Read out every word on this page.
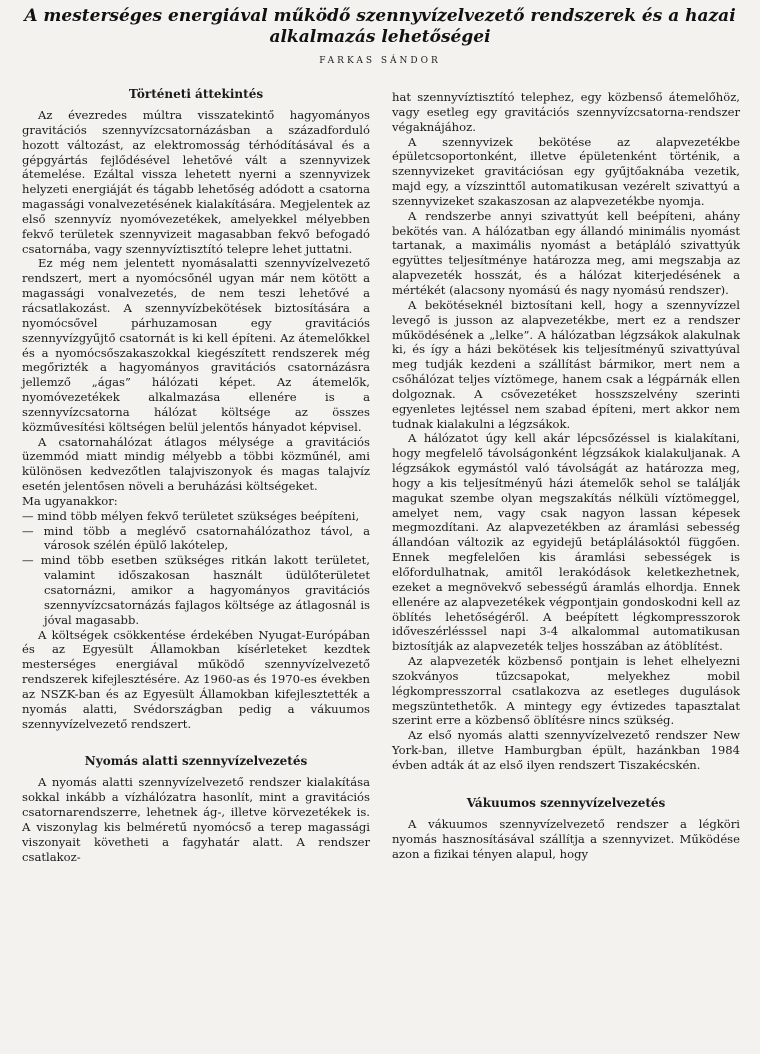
A mesterséges energiával működő szennyvízelvezető rendszerek és a hazai alkalmazás lehetőségei
FARKAS SÁNDOR
Történeti áttekintés

Az évezredes múltra visszatekintő hagyományos gravitációs szennyvízcsatornázásban a századforduló hozott változást, az elektromosság térhódításával és a gépgyártás fejlődésével lehetővé vált a szennyvizek átemelése. Ezáltal vissza lehetett nyerni a szennyvizek helyzeti energiáját és tágabb lehetőség adódott a csatorna magassági vonalvezetésének kialakítására. Megjelentek az első szennyvíz nyomóvezetékek, amelyekkel mélyebben fekvő területek szennyvizeit magasabban fekvő befogadó csatornába, vagy szennyvíztisztító telepre lehet juttatni.

Ez még nem jelentett nyomásalatti szennyvízelvezető rendszert, mert a nyomócsőnél ugyan már nem kötött a magassági vonalvezetés, de nem teszi lehetővé a rácsatlakozást. A szennyvízbekötések biztosítására a nyomócsővel párhuzamosan egy gravitációs szennyvízgyűjtő csatornát is ki kell építeni. Az átemelőkkel és a nyomócsőszakaszokkal kiegészített rendszerek még megőrizték a hagyományos gravitációs csatornázásra jellemző „ágas” hálózati képet. Az átemelők, nyomóvezetékek alkalmazása ellenére is a szennyvízcsatorna hálózat költsége az összes közművesítési költségen belül jelentős hányadot képvisel.

A csatornahálózat átlagos mélysége a gravitációs üzemmód miatt mindig mélyebb a többi közműnél, ami különösen kedvezőtlen talajviszonyok és magas talajvíz esetén jelentősen növeli a beruházási költségeket.

Ma ugyanakkor:

— mind több mélyen fekvő területet szükséges beépíteni,

— mind több a meglévő csatornahálózathoz távol, a városok szélén épülő lakótelep,

— mind több esetben szükséges ritkán lakott területet, valamint időszakosan használt üdülőterületet csatornázni, amikor a hagyományos gravitációs szennyvízcsatornázás fajlagos költsége az átlagosnál is jóval magasabb.

A költségek csökkentése érdekében Nyugat-Európában és az Egyesült Államokban kísérleteket kezdtek mesterséges energiával működő szennyvízelvezető rendszerek kifejlesztésére. Az 1960-as és 1970-es években az NSZK-ban és az Egyesült Államokban kifejlesztették a nyomás alatti, Svédországban pedig a vákuumos szennyvízelvezető rendszert.

Nyomás alatti szennyvízelvezetés

A nyomás alatti szennyvízelvezető rendszer kialakítása sokkal inkább a vízhálózatra hasonlít, mint a gravitációs csatornarendszerre, lehetnek ág-, illetve körvezetékek is. A viszonylag kis belméretű nyomócső a terep magassági viszonyait követheti a fagyhatár alatt. A rendszer csatlakoz-

hat szennyvíztisztító telephez, egy közbenső átemelőhöz, vagy esetleg egy gravitációs szennyvízcsatorna-rendszer végaknájához.

A szennyvizek bekötése az alapvezetékbe épületcsoportonként, illetve épületenként történik, a szennyvizeket gravitációsan egy gyűjtőaknába vezetik, majd egy, a vízszinttől automatikusan vezérelt szivattyú a szennyvizeket szakaszosan az alapvezetékbe nyomja.

A rendszerbe annyi szivattyút kell beépíteni, ahány bekötés van. A hálózatban egy állandó minimális nyomást tartanak, a maximális nyomást a betápláló szivattyúk együttes teljesítménye határozza meg, ami megszabja az alapvezeték hosszát, és a hálózat kiterjedésének a mértékét (alacsony nyomású és nagy nyomású rendszer).

A bekötéseknél biztosítani kell, hogy a szennyvízzel levegő is jusson az alapvezetékbe, mert ez a rendszer működésének a „lelke”. A hálózatban légzsákok alakulnak ki, és így a házi bekötések kis teljesítményű szivattyúval meg tudják kezdeni a szállítást bármikor, mert nem a csőhálózat teljes víztömege, hanem csak a légpárnák ellen dolgoznak. A csővezetéket hosszszelvény szerinti egyenletes lejtéssel nem szabad építeni, mert akkor nem tudnak kialakulni a légzsákok.

A hálózatot úgy kell akár lépcsőzéssel is kialakítani, hogy megfelelő távolságonként légzsákok kialakuljanak. A légzsákok egymástól való távolságát az határozza meg, hogy a kis teljesítményű házi átemelők sehol se találják magukat szembe olyan megszakítás nélküli víztömeggel, amelyet nem, vagy csak nagyon lassan képesek megmozdítani. Az alapvezetékben az áramlási sebesség állandóan változik az egyidejű betáplálásoktól függően. Ennek megfelelően kis áramlási sebességek is előfordulhatnak, amitől lerakódások keletkezhetnek, ezeket a megnövekvő sebességű áramlás elhordja. Ennek ellenére az alapvezetékek végpontjain gondoskodni kell az öblítés lehetőségéről. A beépített légkompresszorok időveszérlésssel napi 3-4 alkalommal automatikusan biztosítják az alapvezeték teljes hosszában az átöblítést.

Az alapvezeték közbenső pontjain is lehet elhelyezni szokványos tűzcsapokat, melyekhez mobil légkompresszorral csatlakozva az esetleges dugulások megszüntethetők. A mintegy egy évtizedes tapasztalat szerint erre a közbenső öblítésre nincs szükség.

Az első nyomás alatti szennyvízelvezető rendszer New York-ban, illetve Hamburgban épült, hazánkban 1984 évben adták át az első ilyen rendszert Tiszakécskén.

Vákuumos szennyvízelvezetés

A vákuumos szennyvízelvezető rendszer a légköri nyomás hasznosításával szállítja a szennyvizet. Működése azon a fizikai tényen alapul, hogy
